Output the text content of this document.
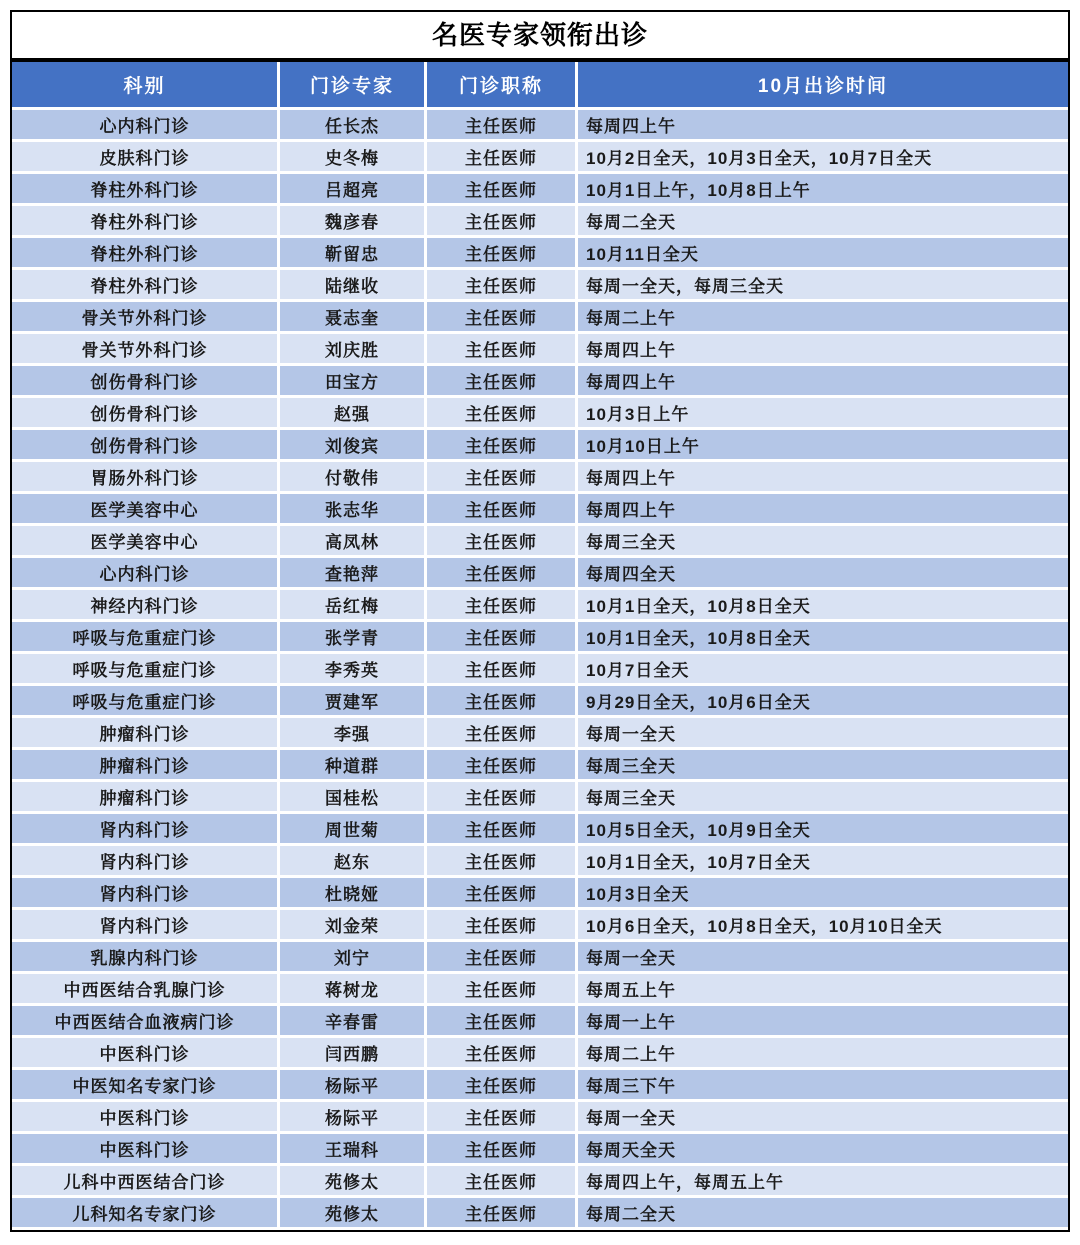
名医专家领衔出诊
科别	门诊专家	门诊职称	10月出诊时间
心内科门诊	任长杰	主任医师	每周四上午
皮肤科门诊	史冬梅	主任医师	10月2日全天，10月3日全天，10月7日全天
脊柱外科门诊	吕超亮	主任医师	10月1日上午，10月8日上午
脊柱外科门诊	魏彦春	主任医师	每周二全天
脊柱外科门诊	靳留忠	主任医师	10月11日全天
脊柱外科门诊	陆继收	主任医师	每周一全天，每周三全天
骨关节外科门诊	聂志奎	主任医师	每周二上午
骨关节外科门诊	刘庆胜	主任医师	每周四上午
创伤骨科门诊	田宝方	主任医师	每周四上午
创伤骨科门诊	赵强	主任医师	10月3日上午
创伤骨科门诊	刘俊宾	主任医师	10月10日上午
胃肠外科门诊	付敬伟	主任医师	每周四上午
医学美容中心	张志华	主任医师	每周四上午
医学美容中心	高凤林	主任医师	每周三全天
心内科门诊	查艳萍	主任医师	每周四全天
神经内科门诊	岳红梅	主任医师	10月1日全天，10月8日全天
呼吸与危重症门诊	张学青	主任医师	10月1日全天，10月8日全天
呼吸与危重症门诊	李秀英	主任医师	10月7日全天
呼吸与危重症门诊	贾建军	主任医师	9月29日全天，10月6日全天
肿瘤科门诊	李强	主任医师	每周一全天
肿瘤科门诊	种道群	主任医师	每周三全天
肿瘤科门诊	国桂松	主任医师	每周三全天
肾内科门诊	周世菊	主任医师	10月5日全天，10月9日全天
肾内科门诊	赵东	主任医师	10月1日全天，10月7日全天
肾内科门诊	杜晓娅	主任医师	10月3日全天
肾内科门诊	刘金荣	主任医师	10月6日全天，10月8日全天，10月10日全天
乳腺内科门诊	刘宁	主任医师	每周一全天
中西医结合乳腺门诊	蒋树龙	主任医师	每周五上午
中西医结合血液病门诊	辛春雷	主任医师	每周一上午
中医科门诊	闫西鹏	主任医师	每周二上午
中医知名专家门诊	杨际平	主任医师	每周三下午
中医科门诊	杨际平	主任医师	每周一全天
中医科门诊	王瑞科	主任医师	每周天全天
儿科中西医结合门诊	苑修太	主任医师	每周四上午，每周五上午
儿科知名专家门诊	苑修太	主任医师	每周二全天
